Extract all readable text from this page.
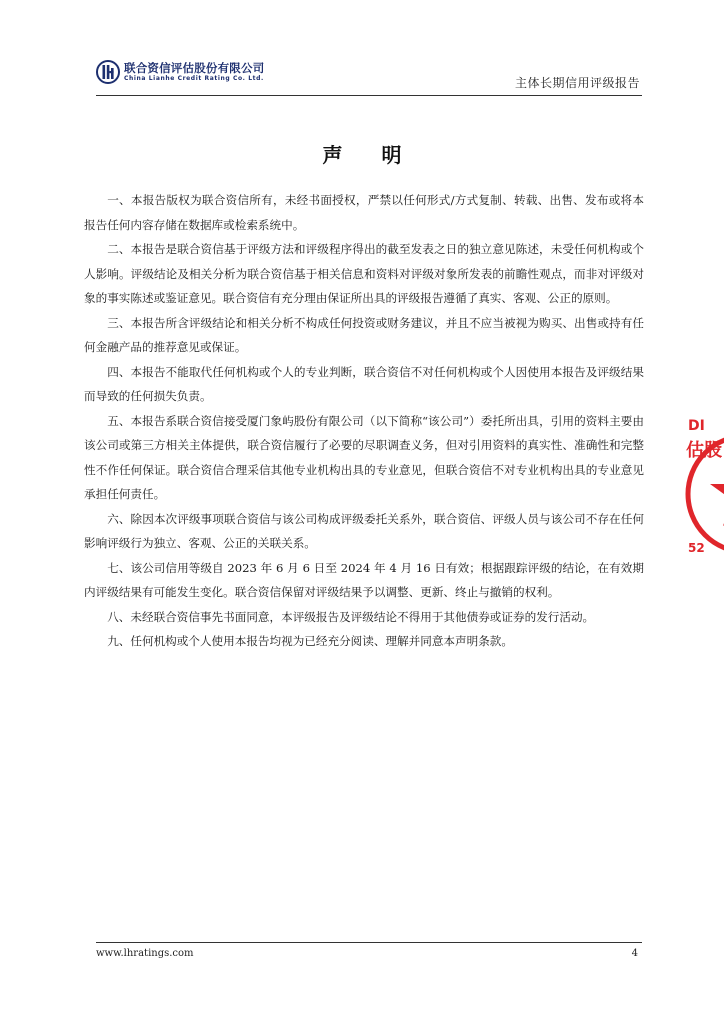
联合资信评估股份有限公司
China Lianhe Credit Rating Co. Ltd.	主体长期信用评级报告
声 明

一、本报告版权为联合资信所有，未经书面授权，严禁以任何形式/方式复制、转载、出售、发布或将本报告任何内容存储在数据库或检索系统中。

二、本报告是联合资信基于评级方法和评级程序得出的截至发表之日的独立意见陈述，未受任何机构或个人影响。评级结论及相关分析为联合资信基于相关信息和资料对评级对象所发表的前瞻性观点，而非对评级对象的事实陈述或鉴证意见。联合资信有充分理由保证所出具的评级报告遵循了真实、客观、公正的原则。

三、本报告所含评级结论和相关分析不构成任何投资或财务建议，并且不应当被视为购买、出售或持有任何金融产品的推荐意见或保证。

四、本报告不能取代任何机构或个人的专业判断，联合资信不对任何机构或个人因使用本报告及评级结果而导致的任何损失负责。

五、本报告系联合资信接受厦门象屿股份有限公司（以下简称“该公司”）委托所出具，引用的资料主要由该公司或第三方相关主体提供，联合资信履行了必要的尽职调查义务，但对引用资料的真实性、准确性和完整性不作任何保证。联合资信合理采信其他专业机构出具的专业意见，但联合资信不对专业机构出具的专业意见承担任何责任。

六、除因本次评级事项联合资信与该公司构成评级委托关系外，联合资信、评级人员与该公司不存在任何影响评级行为独立、客观、公正的关联关系。

七、该公司信用等级自 2023 年 6 月 6 日至 2024 年 4 月 16 日有效；根据跟踪评级的结论，在有效期内评级结果有可能发生变化。联合资信保留对评级结果予以调整、更新、终止与撤销的权利。

八、未经联合资信事先书面同意，本评级报告及评级结论不得用于其他债券或证券的发行活动。

九、任何机构或个人使用本报告均视为已经充分阅读、理解并同意本声明条款。

DI
估股
52
www.lhratings.com	4
